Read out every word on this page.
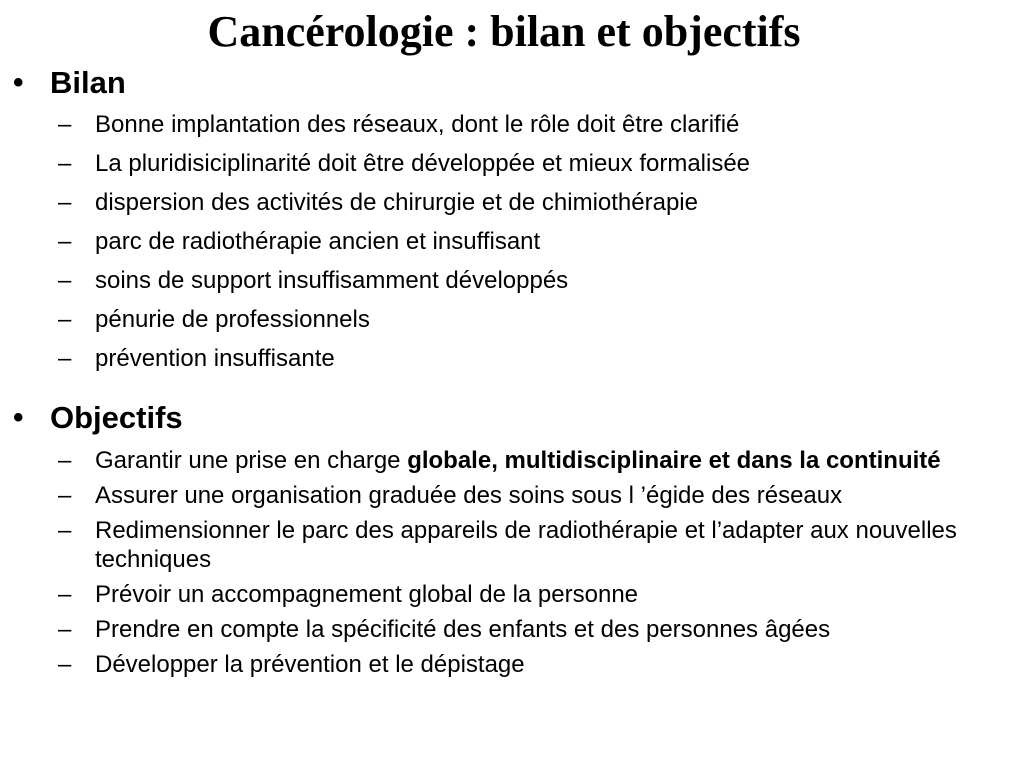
Cancérologie : bilan et objectifs
• Bilan
– Bonne implantation des réseaux, dont le rôle doit être clarifié
– La pluridisiciplinarité doit être développée et mieux formalisée
– dispersion des activités de chirurgie et de chimiothérapie
– parc de radiothérapie ancien et insuffisant
– soins de support insuffisamment développés
– pénurie de professionnels
– prévention insuffisante
• Objectifs
– Garantir une prise en charge globale, multidisciplinaire et dans la continuité
– Assurer une organisation graduée des soins sous l ’égide des réseaux
– Redimensionner le parc des appareils de radiothérapie et l’adapter aux nouvelles techniques
– Prévoir un accompagnement global de la personne
– Prendre en compte la spécificité des enfants et des personnes âgées
– Développer la prévention et le dépistage
